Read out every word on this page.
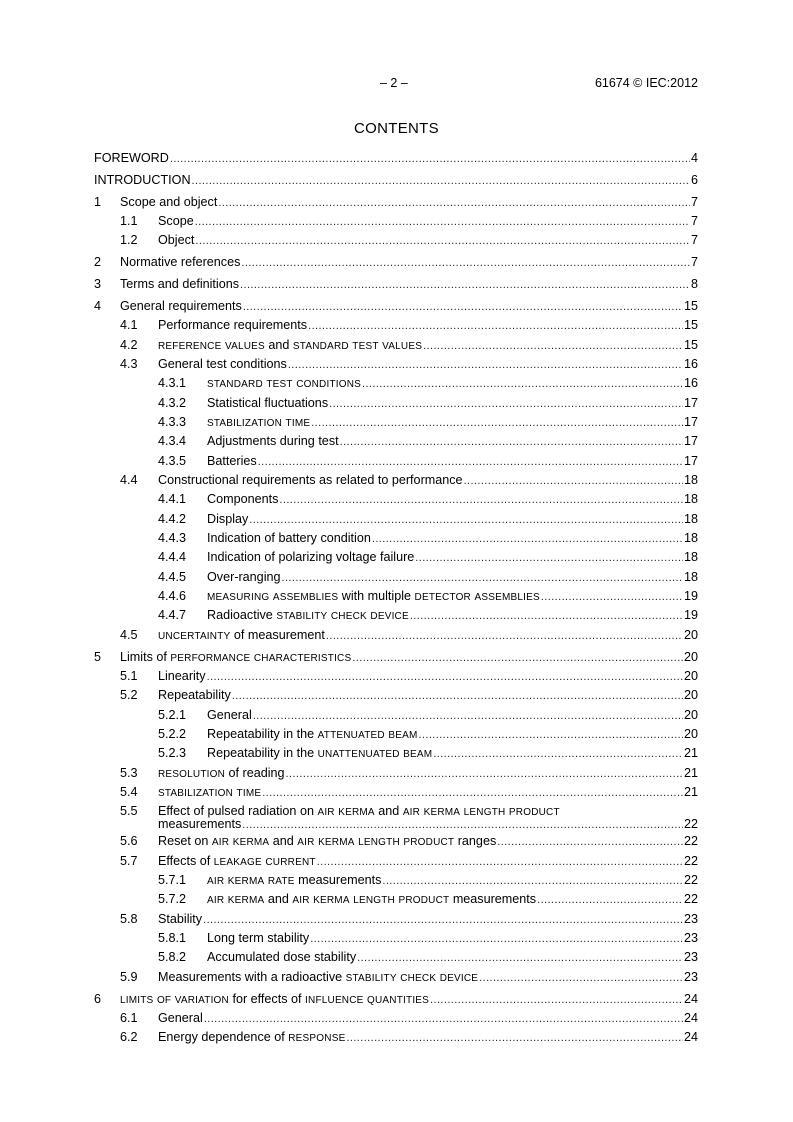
– 2 –	61674 © IEC:2012
CONTENTS
FOREWORD .....	4
INTRODUCTION .....	6
1 Scope and object .....	7
1.1 Scope .....	7
1.2 Object .....	7
2 Normative references .....	7
3 Terms and definitions .....	8
4 General requirements .....	15
4.1 Performance requirements .....	15
4.2 REFERENCE VALUES and STANDARD TEST VALUES .....	15
4.3 General test conditions .....	16
4.3.1 STANDARD TEST CONDITIONS .....	16
4.3.2 Statistical fluctuations .....	17
4.3.3 STABILIZATION TIME .....	17
4.3.4 Adjustments during test .....	17
4.3.5 Batteries .....	17
4.4 Constructional requirements as related to performance .....	18
4.4.1 Components .....	18
4.4.2 Display .....	18
4.4.3 Indication of battery condition .....	18
4.4.4 Indication of polarizing voltage failure .....	18
4.4.5 Over-ranging .....	18
4.4.6 MEASURING ASSEMBLIES with multiple DETECTOR ASSEMBLIES .....	19
4.4.7 Radioactive STABILITY CHECK DEVICE .....	19
4.5 UNCERTAINTY of measurement .....	20
5 Limits of PERFORMANCE CHARACTERISTICS .....	20
5.1 Linearity .....	20
5.2 Repeatability .....	20
5.2.1 General .....	20
5.2.2 Repeatability in the ATTENUATED BEAM .....	20
5.2.3 Repeatability in the UNATTENUATED BEAM .....	21
5.3 RESOLUTION of reading .....	21
5.4 STABILIZATION TIME .....	21
5.5 Effect of pulsed radiation on AIR KERMA and AIR KERMA LENGTH PRODUCT
measurements .....	22
5.6 Reset on AIR KERMA and AIR KERMA LENGTH PRODUCT ranges .....	22
5.7 Effects of LEAKAGE CURRENT .....	22
5.7.1 AIR KERMA RATE measurements .....	22
5.7.2 AIR KERMA and AIR KERMA LENGTH PRODUCT measurements .....	22
5.8 Stability .....	23
5.8.1 Long term stability .....	23
5.8.2 Accumulated dose stability .....	23
5.9 Measurements with a radioactive STABILITY CHECK DEVICE .....	23
6 LIMITS OF VARIATION for effects of INFLUENCE QUANTITIES .....	24
6.1 General .....	24
6.2 Energy dependence of RESPONSE .....	24
